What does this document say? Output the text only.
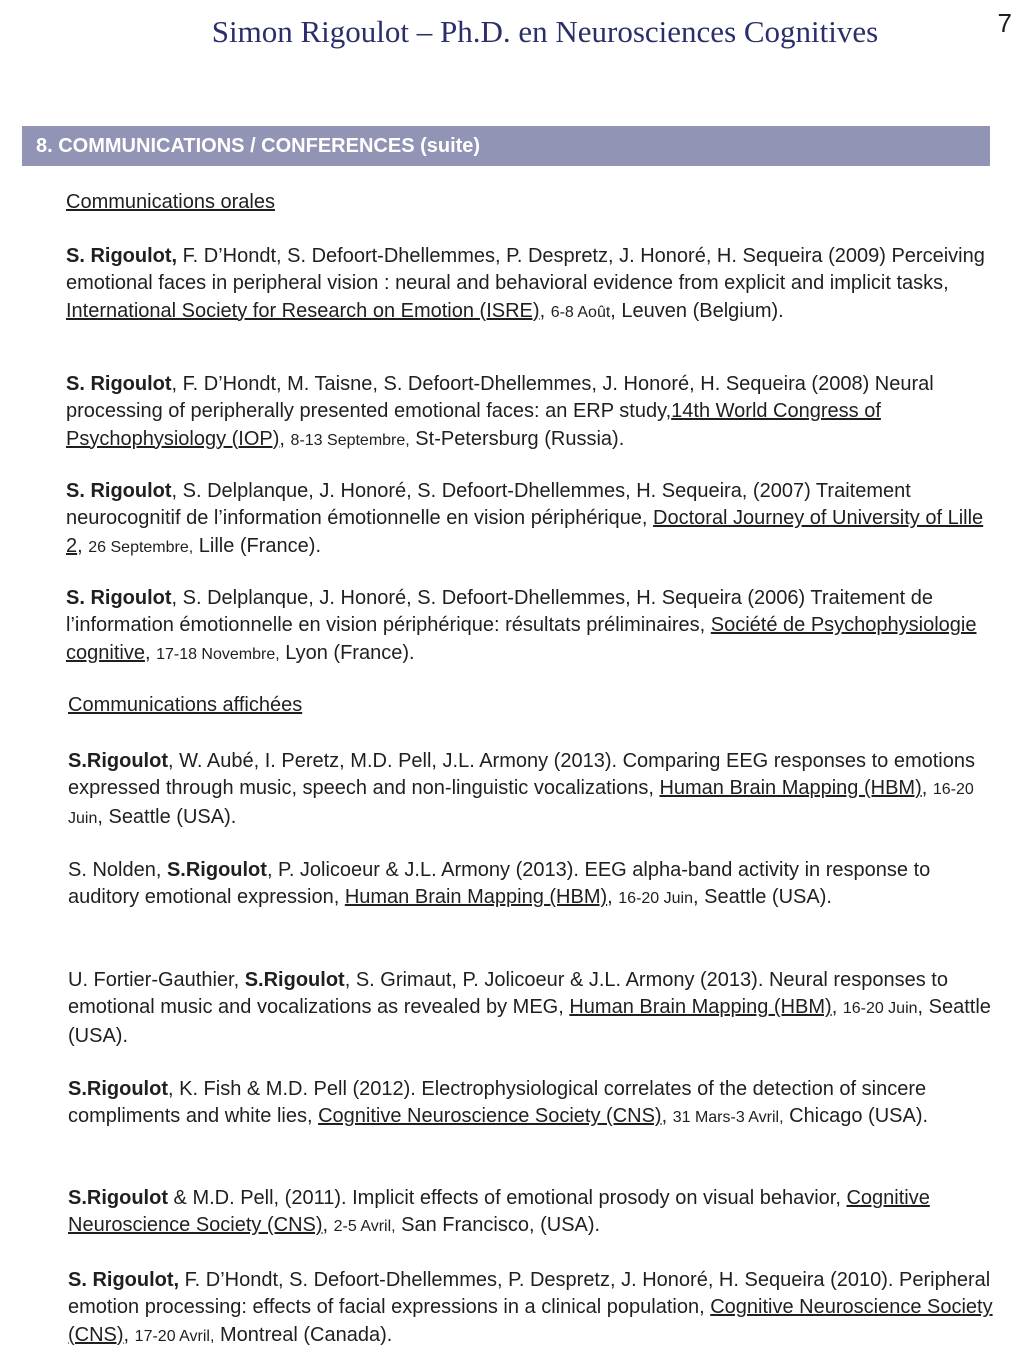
Simon Rigoulot – Ph.D. en Neurosciences Cognitives	7
8. COMMUNICATIONS / CONFERENCES (suite)
Communications orales
S. Rigoulot, F. D’Hondt, S. Defoort-Dhellemmes, P. Despretz, J. Honoré, H. Sequeira (2009) Perceiving emotional faces in peripheral vision : neural and behavioral evidence from explicit and implicit tasks, International Society for Research on Emotion (ISRE), 6-8 Août, Leuven (Belgium).
S. Rigoulot, F. D’Hondt, M. Taisne, S. Defoort-Dhellemmes, J. Honoré, H. Sequeira (2008) Neural processing of peripherally presented emotional faces: an ERP study,14th World Congress of Psychophysiology (IOP), 8-13 Septembre, St-Petersburg (Russia).
S. Rigoulot, S. Delplanque, J. Honoré, S. Defoort-Dhellemmes, H. Sequeira, (2007) Traitement neurocognitif de l’information émotionnelle en vision périphérique, Doctoral Journey of University of Lille 2, 26 Septembre, Lille (France).
S. Rigoulot, S. Delplanque, J. Honoré, S. Defoort-Dhellemmes, H. Sequeira (2006) Traitement de l’information émotionnelle en vision périphérique: résultats préliminaires, Société de Psychophysiologie cognitive, 17-18 Novembre, Lyon (France).
Communications affichées
S.Rigoulot, W. Aubé, I. Peretz, M.D. Pell, J.L. Armony (2013). Comparing EEG responses to emotions expressed through music, speech and non-linguistic vocalizations, Human Brain Mapping (HBM), 16-20 Juin, Seattle (USA).
S. Nolden, S.Rigoulot, P. Jolicoeur & J.L. Armony (2013). EEG alpha-band activity in response to auditory emotional expression, Human Brain Mapping (HBM), 16-20 Juin, Seattle (USA).
U. Fortier-Gauthier, S.Rigoulot, S. Grimaut, P. Jolicoeur & J.L. Armony (2013). Neural responses to emotional music and vocalizations as revealed by MEG, Human Brain Mapping (HBM), 16-20 Juin, Seattle (USA).
S.Rigoulot, K. Fish & M.D. Pell (2012). Electrophysiological correlates of the detection of sincere compliments and white lies, Cognitive Neuroscience Society (CNS), 31 Mars-3 Avril, Chicago (USA).
S.Rigoulot & M.D. Pell, (2011). Implicit effects of emotional prosody on visual behavior, Cognitive Neuroscience Society (CNS), 2-5 Avril, San Francisco, (USA).
S. Rigoulot, F. D’Hondt, S. Defoort-Dhellemmes, P. Despretz, J. Honoré, H. Sequeira (2010). Peripheral emotion processing: effects of facial expressions in a clinical population, Cognitive Neuroscience Society (CNS), 17-20 Avril, Montreal (Canada).
